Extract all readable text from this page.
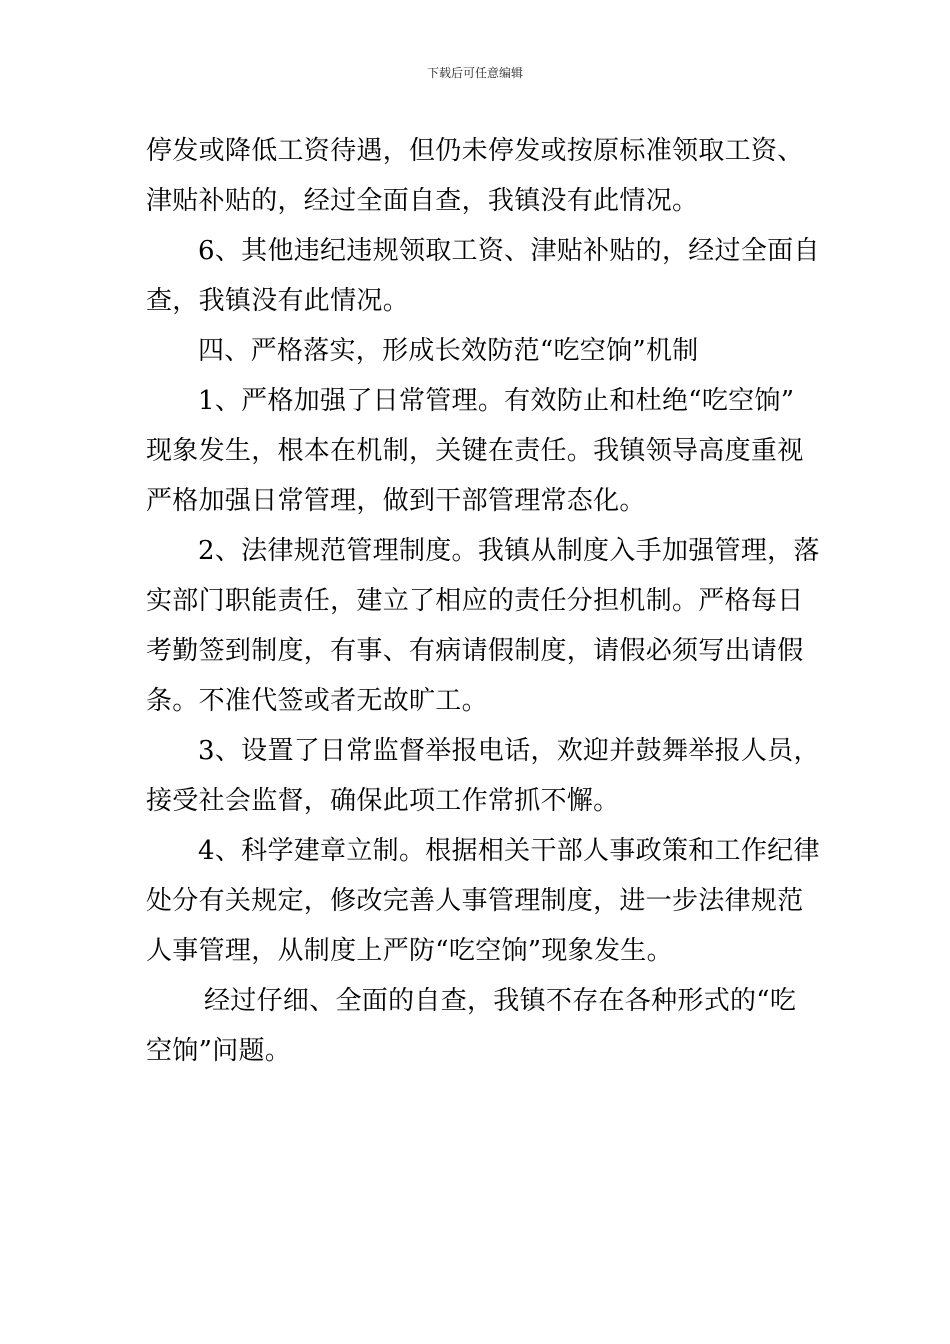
下载后可任意编辑
停发或降低工资待遇，但仍未停发或按原标准领取工资、
津贴补贴的，经过全面自查，我镇没有此情况。
6、其他违纪违规领取工资、津贴补贴的，经过全面自
查，我镇没有此情况。
四、严格落实，形成长效防范“吃空饷”机制
1、严格加强了日常管理。有效防止和杜绝“吃空饷”
现象发生，根本在机制，关键在责任。我镇领导高度重视
严格加强日常管理，做到干部管理常态化。
2、法律规范管理制度。我镇从制度入手加强管理，落
实部门职能责任，建立了相应的责任分担机制。严格每日
考勤签到制度，有事、有病请假制度，请假必须写出请假
条。不准代签或者无故旷工。
3、设置了日常监督举报电话，欢迎并鼓舞举报人员，
接受社会监督，确保此项工作常抓不懈。
4、科学建章立制。根据相关干部人事政策和工作纪律
处分有关规定，修改完善人事管理制度，进一步法律规范
人事管理，从制度上严防“吃空饷”现象发生。
经过仔细、全面的自查，我镇不存在各种形式的“吃
空饷”问题。
